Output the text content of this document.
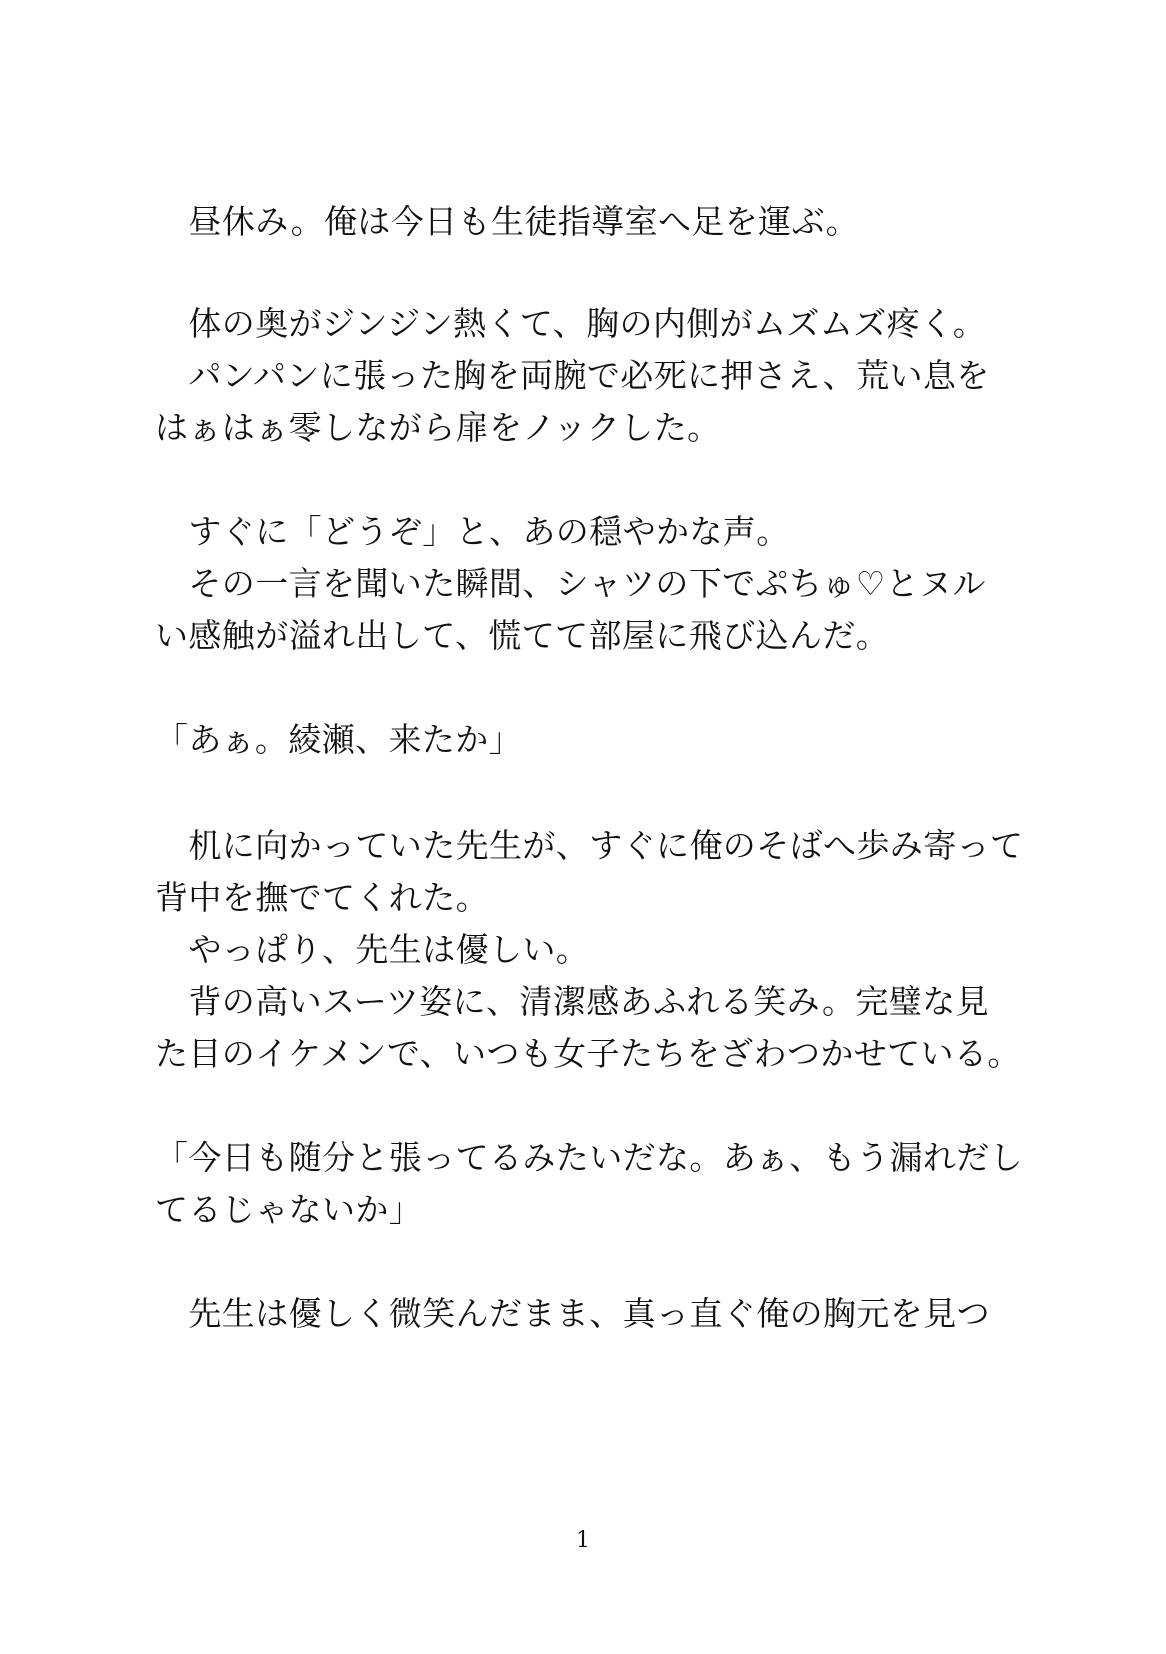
　昼休み。俺は今日も生徒指導室へ足を運ぶ。
　体の奥がジンジン熱くて、胸の内側がムズムズ疼く。
　パンパンに張った胸を両腕で必死に押さえ、荒い息を
はぁはぁ零しながら扉をノックした。
　すぐに「どうぞ」と、あの穏やかな声。
　その一言を聞いた瞬間、シャツの下でぷちゅ♡とヌル
い感触が溢れ出して、慌てて部屋に飛び込んだ。
「あぁ。綾瀬、来たか」
　机に向かっていた先生が、すぐに俺のそばへ歩み寄って
背中を撫でてくれた。
　やっぱり、先生は優しい。
　背の高いスーツ姿に、清潔感あふれる笑み。完璧な見
た目のイケメンで、いつも女子たちをざわつかせている。
「今日も随分と張ってるみたいだな。あぁ、もう漏れだし
てるじゃないか」
　先生は優しく微笑んだまま、真っ直ぐ俺の胸元を見つ
1
